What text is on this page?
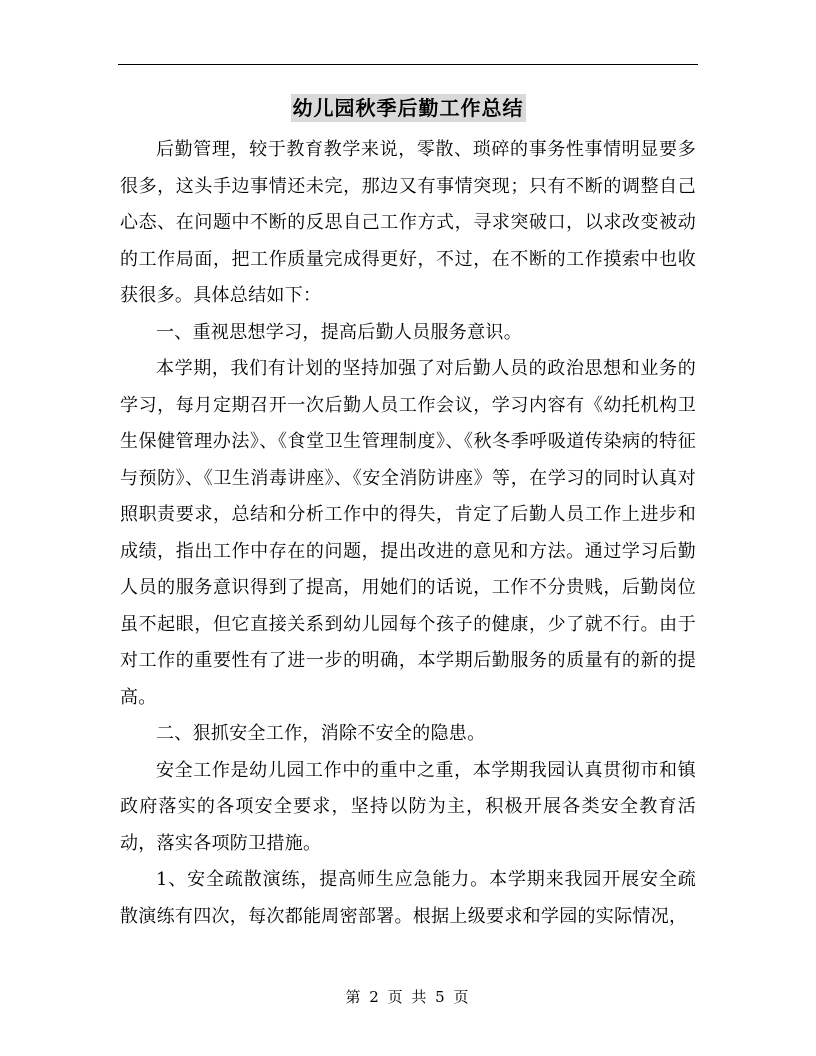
幼儿园秋季后勤工作总结

后勤管理，较于教育教学来说，零散、琐碎的事务性事情明显要多很多，这头手边事情还未完，那边又有事情突现；只有不断的调整自己心态、在问题中不断的反思自己工作方式，寻求突破口，以求改变被动的工作局面，把工作质量完成得更好，不过，在不断的工作摸索中也收获很多。具体总结如下：

一、重视思想学习，提高后勤人员服务意识。

本学期，我们有计划的坚持加强了对后勤人员的政治思想和业务的学习，每月定期召开一次后勤人员工作会议，学习内容有《幼托机构卫生保健管理办法》、《食堂卫生管理制度》、《秋冬季呼吸道传染病的特征与预防》、《卫生消毒讲座》、《安全消防讲座》等，在学习的同时认真对照职责要求，总结和分析工作中的得失，肯定了后勤人员工作上进步和成绩，指出工作中存在的问题，提出改进的意见和方法。通过学习后勤人员的服务意识得到了提高，用她们的话说，工作不分贵贱，后勤岗位虽不起眼，但它直接关系到幼儿园每个孩子的健康，少了就不行。由于对工作的重要性有了进一步的明确，本学期后勤服务的质量有的新的提高。

二、狠抓安全工作，消除不安全的隐患。

安全工作是幼儿园工作中的重中之重，本学期我园认真贯彻市和镇政府落实的各项安全要求，坚持以防为主，积极开展各类安全教育活动，落实各项防卫措施。

1、安全疏散演练，提高师生应急能力。本学期来我园开展安全疏散演练有四次，每次都能周密部署。根据上级要求和学园的实际情况，

第 2 页 共 5 页
